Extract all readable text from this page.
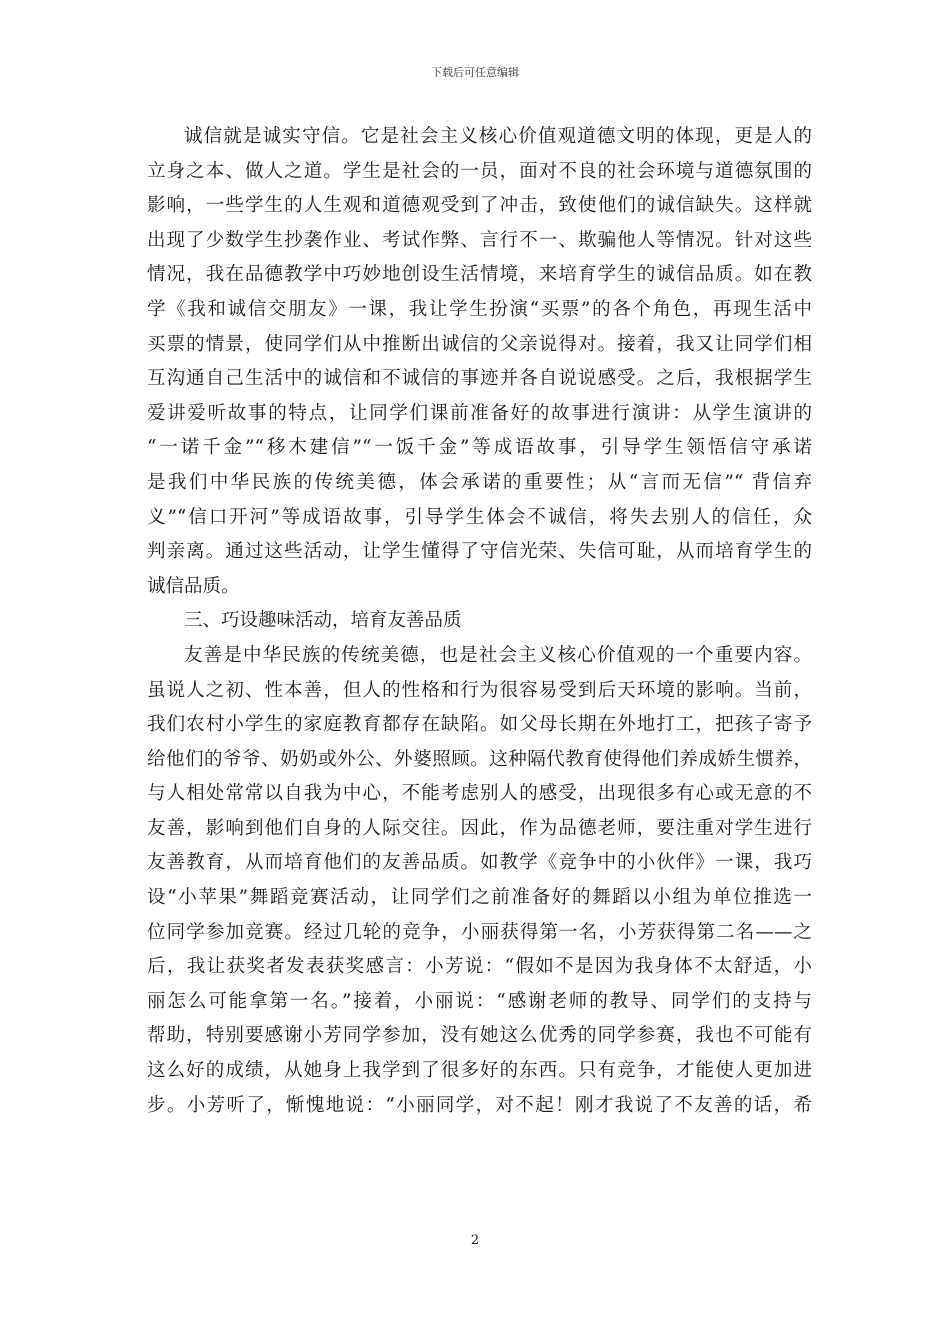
下载后可任意编辑
诚信就是诚实守信。它是社会主义核心价值观道德文明的体现，更是人的
立身之本、做人之道。学生是社会的一员，面对不良的社会环境与道德氛围的
影响，一些学生的人生观和道德观受到了冲击，致使他们的诚信缺失。这样就
出现了少数学生抄袭作业、考试作弊、言行不一、欺骗他人等情况。针对这些
情况，我在品德教学中巧妙地创设生活情境，来培育学生的诚信品质。如在教
学《我和诚信交朋友》一课，我让学生扮演“买票”的各个角色，再现生活中
买票的情景，使同学们从中推断出诚信的父亲说得对。接着，我又让同学们相
互沟通自己生活中的诚信和不诚信的事迹并各自说说感受。之后，我根据学生
爱讲爱听故事的特点，让同学们课前准备好的故事进行演讲：从学生演讲的
“一诺千金”“移木建信”“一饭千金”等成语故事，引导学生领悟信守承诺
是我们中华民族的传统美德，体会承诺的重要性；从“言而无信”“ 背信弃
义”“信口开河”等成语故事，引导学生体会不诚信，将失去别人的信任，众
判亲离。通过这些活动，让学生懂得了守信光荣、失信可耻，从而培育学生的
诚信品质。
三、巧设趣味活动，培育友善品质
友善是中华民族的传统美德，也是社会主义核心价值观的一个重要内容。
虽说人之初、性本善，但人的性格和行为很容易受到后天环境的影响。当前，
我们农村小学生的家庭教育都存在缺陷。如父母长期在外地打工，把孩子寄予
给他们的爷爷、奶奶或外公、外婆照顾。这种隔代教育使得他们养成娇生惯养，
与人相处常常以自我为中心，不能考虑别人的感受，出现很多有心或无意的不
友善，影响到他们自身的人际交往。因此，作为品德老师，要注重对学生进行
友善教育，从而培育他们的友善品质。如教学《竞争中的小伙伴》一课，我巧
设“小苹果”舞蹈竞赛活动，让同学们之前准备好的舞蹈以小组为单位推选一
位同学参加竞赛。经过几轮的竞争，小丽获得第一名，小芳获得第二名——之
后，我让获奖者发表获奖感言：小芳说：“假如不是因为我身体不太舒适，小
丽怎么可能拿第一名。”接着，小丽说：“感谢老师的教导、同学们的支持与
帮助，特别要感谢小芳同学参加，没有她这么优秀的同学参赛，我也不可能有
这么好的成绩，从她身上我学到了很多好的东西。只有竞争，才能使人更加进
步。小芳听了，惭愧地说：“小丽同学，对不起！刚才我说了不友善的话，希
2
